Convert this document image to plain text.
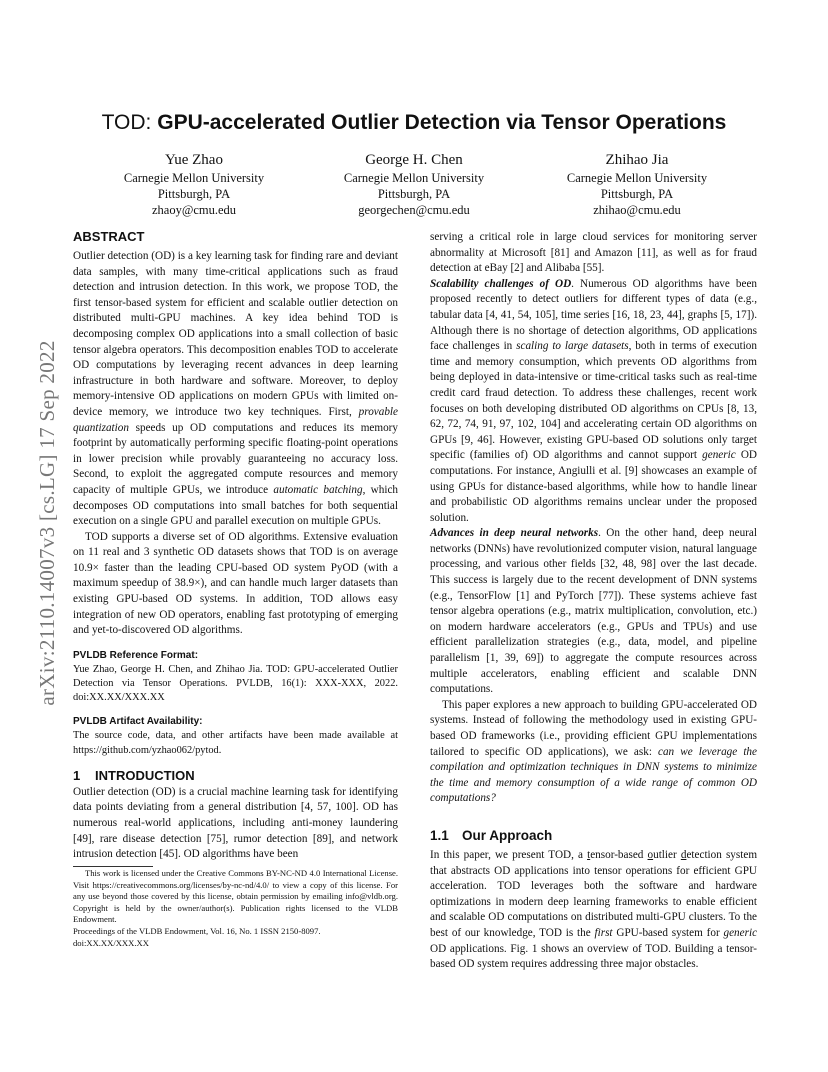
arXiv:2110.14007v3 [cs.LG] 17 Sep 2022
TOD: GPU-accelerated Outlier Detection via Tensor Operations
Yue Zhao
Carnegie Mellon University
Pittsburgh, PA
zhaoy@cmu.edu
George H. Chen
Carnegie Mellon University
Pittsburgh, PA
georgechen@cmu.edu
Zhihao Jia
Carnegie Mellon University
Pittsburgh, PA
zhihao@cmu.edu
ABSTRACT

Outlier detection (OD) is a key learning task for finding rare and deviant data samples, with many time-critical applications such as fraud detection and intrusion detection. In this work, we propose TOD, the first tensor-based system for efficient and scalable outlier detection on distributed multi-GPU machines. A key idea behind TOD is decomposing complex OD applications into a small collection of basic tensor algebra operators. This decomposition enables TOD to accelerate OD computations by leveraging recent advances in deep learning infrastructure in both hardware and software. Moreover, to deploy memory-intensive OD applications on modern GPUs with limited on-device memory, we introduce two key techniques. First, provable quantization speeds up OD computations and reduces its memory footprint by automatically performing specific floating-point operations in lower precision while provably guaranteeing no accuracy loss. Second, to exploit the aggregated compute resources and memory capacity of multiple GPUs, we introduce automatic batching, which decomposes OD computations into small batches for both sequential execution on a single GPU and parallel execution on multiple GPUs.

TOD supports a diverse set of OD algorithms. Extensive evaluation on 11 real and 3 synthetic OD datasets shows that TOD is on average 10.9× faster than the leading CPU-based OD system PyOD (with a maximum speedup of 38.9×), and can handle much larger datasets than existing GPU-based OD systems. In addition, TOD allows easy integration of new OD operators, enabling fast prototyping of emerging and yet-to-discovered OD algorithms.

PVLDB Reference Format:

Yue Zhao, George H. Chen, and Zhihao Jia. TOD: GPU-accelerated Outlier Detection via Tensor Operations. PVLDB, 16(1): XXX-XXX, 2022. doi:XX.XX/XXX.XX

PVLDB Artifact Availability:

The source code, data, and other artifacts have been made available at https://github.com/yzhao062/pytod.

1 INTRODUCTION

Outlier detection (OD) is a crucial machine learning task for identifying data points deviating from a general distribution [4, 57, 100]. OD has numerous real-world applications, including anti-money laundering [49], rare disease detection [75], rumor detection [89], and network intrusion detection [45]. OD algorithms have been

This work is licensed under the Creative Commons BY-NC-ND 4.0 International License. Visit https://creativecommons.org/licenses/by-nc-nd/4.0/ to view a copy of this license. For any use beyond those covered by this license, obtain permission by emailing info@vldb.org. Copyright is held by the owner/author(s). Publication rights licensed to the VLDB Endowment.

Proceedings of the VLDB Endowment, Vol. 16, No. 1 ISSN 2150-8097.

doi:XX.XX/XXX.XX

serving a critical role in large cloud services for monitoring server abnormality at Microsoft [81] and Amazon [11], as well as for fraud detection at eBay [2] and Alibaba [55].

Scalability challenges of OD. Numerous OD algorithms have been proposed recently to detect outliers for different types of data (e.g., tabular data [4, 41, 54, 105], time series [16, 18, 23, 44], graphs [5, 17]). Although there is no shortage of detection algorithms, OD applications face challenges in scaling to large datasets, both in terms of execution time and memory consumption, which prevents OD algorithms from being deployed in data-intensive or time-critical tasks such as real-time credit card fraud detection. To address these challenges, recent work focuses on both developing distributed OD algorithms on CPUs [8, 13, 62, 72, 74, 91, 97, 102, 104] and accelerating certain OD algorithms on GPUs [9, 46]. However, existing GPU-based OD solutions only target specific (families of) OD algorithms and cannot support generic OD computations. For instance, Angiulli et al. [9] showcases an example of using GPUs for distance-based algorithms, while how to handle linear and probabilistic OD algorithms remains unclear under the proposed solution.

Advances in deep neural networks. On the other hand, deep neural networks (DNNs) have revolutionized computer vision, natural language processing, and various other fields [32, 48, 98] over the last decade. This success is largely due to the recent development of DNN systems (e.g., TensorFlow [1] and PyTorch [77]). These systems achieve fast tensor algebra operations (e.g., matrix multiplication, convolution, etc.) on modern hardware accelerators (e.g., GPUs and TPUs) and use efficient parallelization strategies (e.g., data, model, and pipeline parallelism [1, 39, 69]) to aggregate the compute resources across multiple accelerators, enabling efficient and scalable DNN computations.

This paper explores a new approach to building GPU-accelerated OD systems. Instead of following the methodology used in existing GPU-based OD frameworks (i.e., providing efficient GPU implementations tailored to specific OD applications), we ask: can we leverage the compilation and optimization techniques in DNN systems to minimize the time and memory consumption of a wide range of common OD computations?

1.1 Our Approach

In this paper, we present TOD, a tensor-based outlier detection system that abstracts OD applications into tensor operations for efficient GPU acceleration. TOD leverages both the software and hardware optimizations in modern deep learning frameworks to enable efficient and scalable OD computations on distributed multi-GPU clusters. To the best of our knowledge, TOD is the first GPU-based system for generic OD applications. Fig. 1 shows an overview of TOD. Building a tensor-based OD system requires addressing three major obstacles.
